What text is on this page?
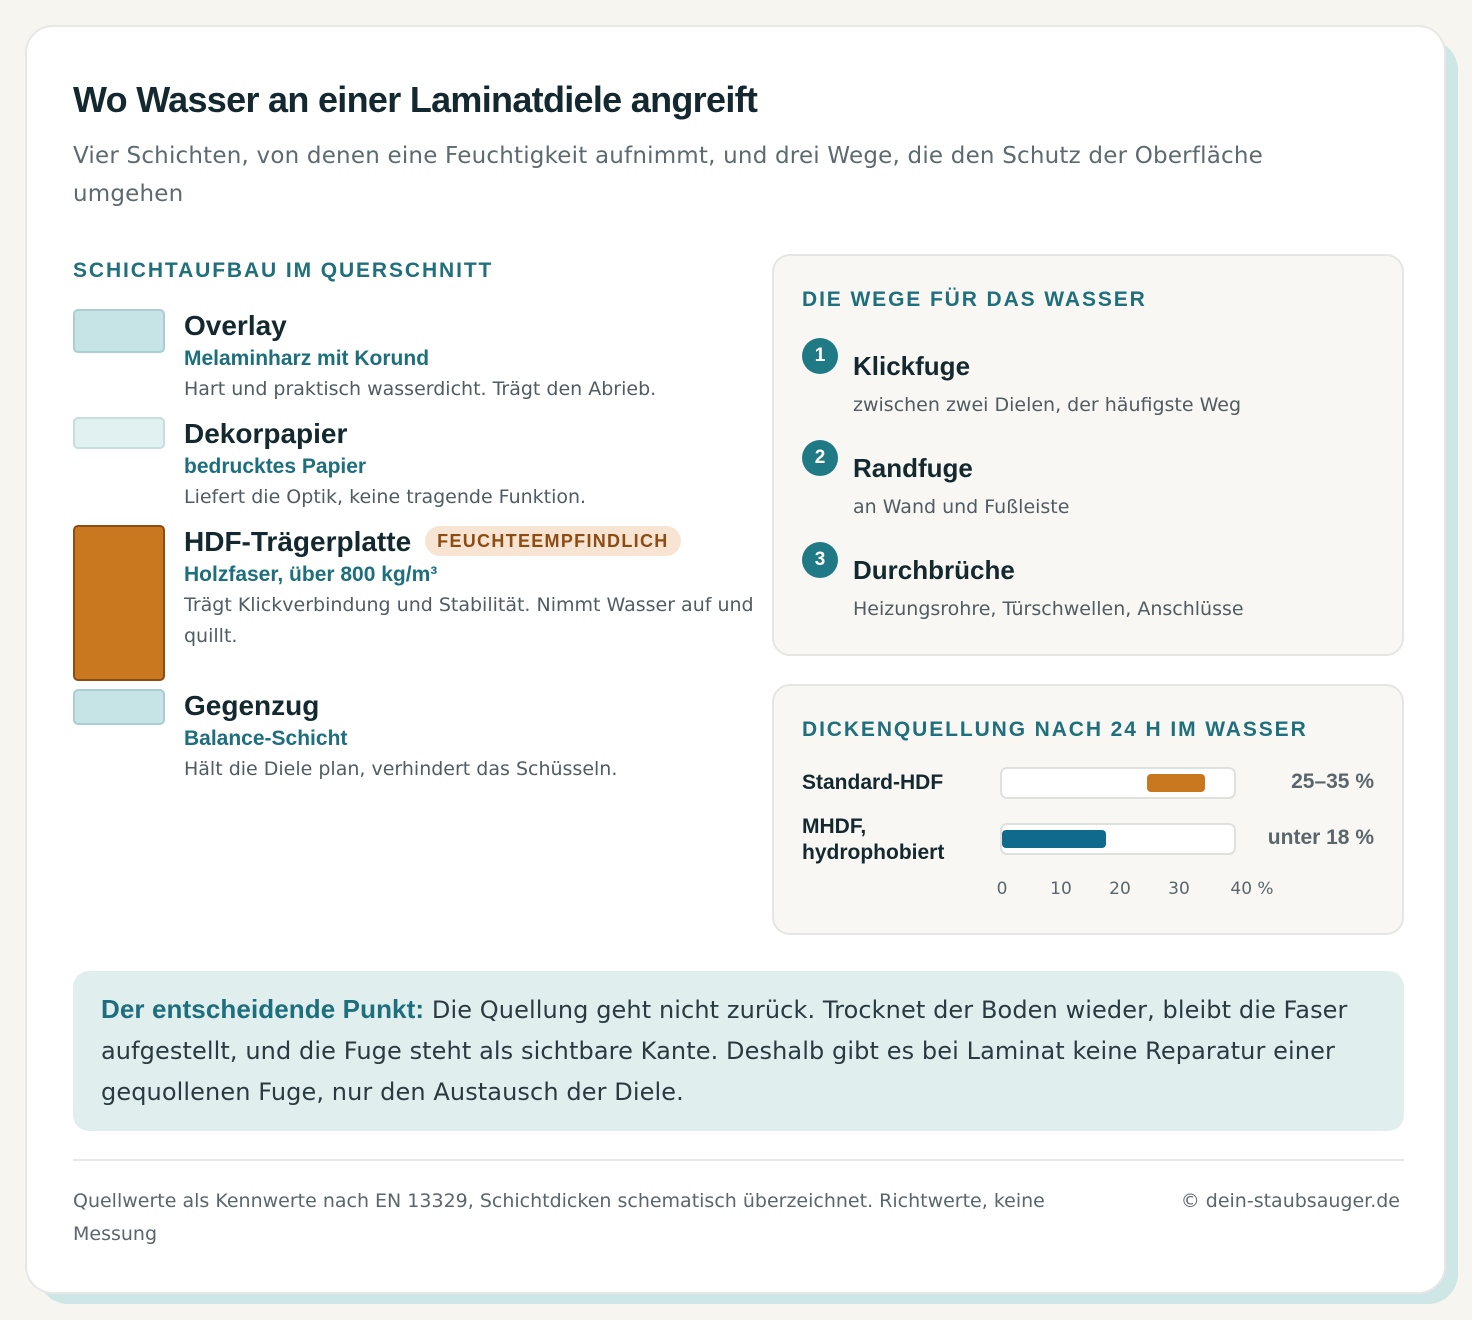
Wo Wasser an einer Laminatdiele angreift

Vier Schichten, von denen eine Feuchtigkeit aufnimmt, und drei Wege, die den Schutz der Oberfläche umgehen

SCHICHTAUFBAU IM QUERSCHNITT
Overlay
Melaminharz mit Korund
Hart und praktisch wasserdicht. Trägt den Abrieb.
Dekorpapier
bedrucktes Papier
Liefert die Optik, keine tragende Funktion.
HDF-Trägerplatte FEUCHTEEMPFINDLICH
Holzfaser, über 800 kg/m³
Trägt Klickverbindung und Stabilität. Nimmt Wasser auf und quillt.
Gegenzug
Balance-Schicht
Hält die Diele plan, verhindert das Schüsseln.
DIE WEGE FÜR DAS WASSER
1	Klickfuge
zwischen zwei Dielen, der häufigste Weg
2	Randfuge
an Wand und Fußleiste
3	Durchbrüche
Heizungsrohre, Türschwellen, Anschlüsse
DICKENQUELLUNG NACH 24 H IM WASSER
Standard-HDF	25–35 %
MHDF, hydrophobiert
unter 18 %
0	10 20 30 40 %
Der entscheidende Punkt: Die Quellung geht nicht zurück. Trocknet der Boden wieder, bleibt die Faser aufgestellt, und die Fuge steht als sichtbare Kante. Deshalb gibt es bei Laminat keine Reparatur einer gequollenen Fuge, nur den Austausch der Diele.
Quellwerte als Kennwerte nach EN 13329, Schichtdicken schematisch überzeichnet. Richtwerte, keine Messung
© dein-staubsauger.de
